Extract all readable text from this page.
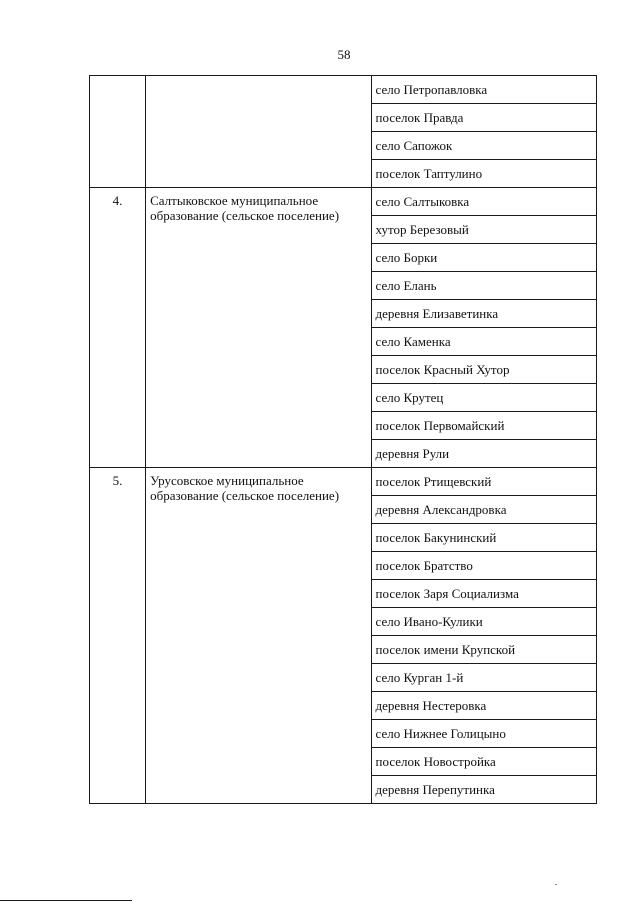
58
		село Петропавловка
		поселок Правда
		село Сапожок
		поселок Таптулино
4.	Салтыковское муниципальное образование (сельское поселение)	село Салтыковка
		хутор Березовый
		село Борки
		село Елань
		деревня Елизаветинка
		село Каменка
		поселок Красный Хутор
		село Крутец
		поселок Первомайский
		деревня Рули
5.	Урусовское муниципальное образование (сельское поселение)	поселок Ртищевский
		деревня Александровка
		поселок Бакунинский
		поселок Братство
		поселок Заря Социализма
		село Ивано-Кулики
		поселок имени Крупской
		село Курган 1-й
		деревня Нестеровка
		село Нижнее Голицыно
		поселок Новостройка
		деревня Перепутинка
